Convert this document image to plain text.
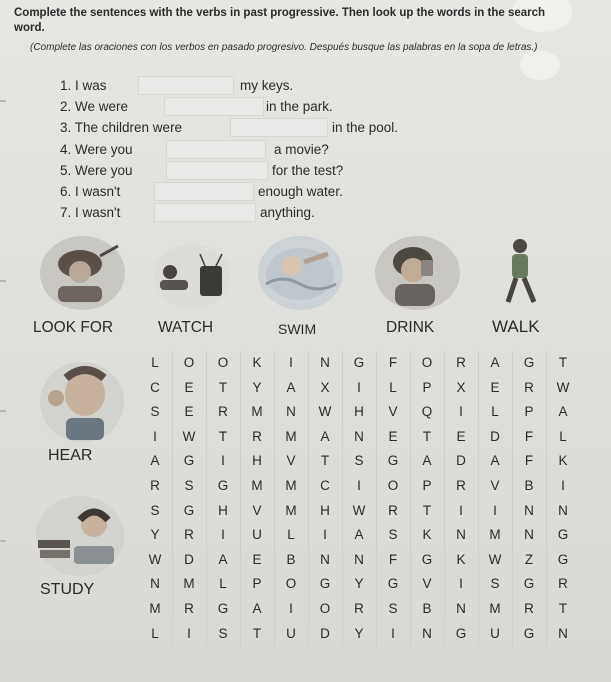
Complete the sentences with the verbs in past progressive. Then look up the words in the search word.
(Complete las oraciones con los verbos en pasado progresivo. Después busque las palabras en la sopa de letras.)
1. I was	my keys.
2. We were	in the park.
3. The children were	in the pool.
4. Were you	a movie?
5. Were you	for the test?
6. I wasn't	enough water.
7. I wasn't	anything.
LOOK FOR	WATCH	SWIM	DRINK	WALK
HEAR
STUDY
L	O	O	K	I	N	G	F	O	R	A	G	T
C	E	T	Y	A	X	I	L	P	X	E	R	W
S	E	R	M	N	W	H	V	Q	I	L	P	A
I	W	T	R	M	A	N	E	T	E	D	F	L
A	G	I	H	V	T	S	G	A	D	A	F	K
R	S	G	M	M	C	I	O	P	R	V	B	I
S	G	H	V	M	H	W	R	T	I	I	N	N
Y	R	I	U	L	I	A	S	K	N	M	N	G
W	D	A	E	B	N	N	F	G	K	W	Z	G
N	M	L	P	O	G	Y	G	V	I	S	G	R
M	R	G	A	I	O	R	S	B	N	M	R	T
L	I	S	T	U	D	Y	I	N	G	U	G	N
